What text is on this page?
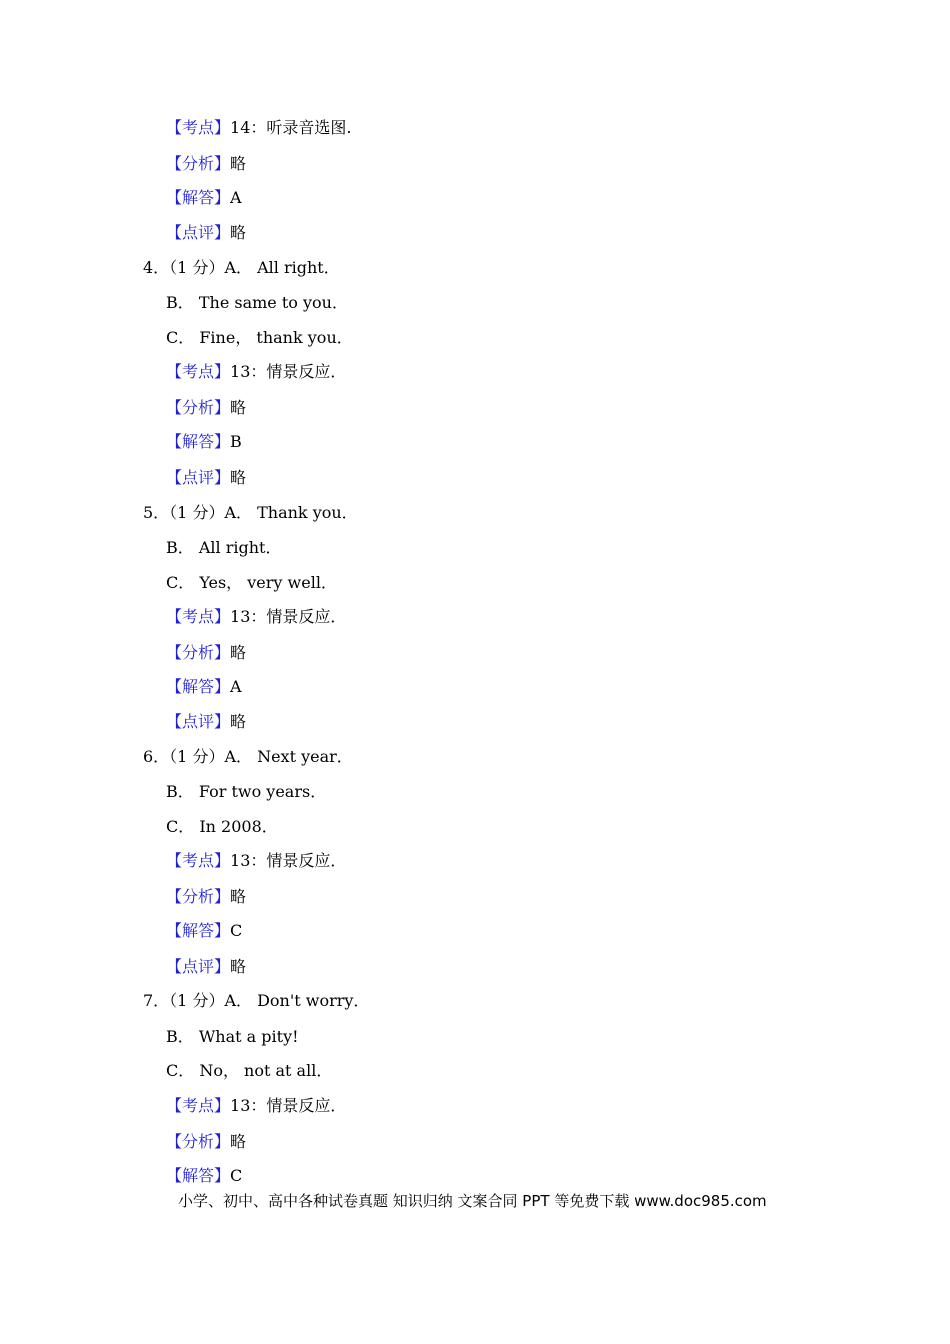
【考点】14：听录音选图.
【分析】略
【解答】A
【点评】略
4．（1 分）A． All right．
B． The same to you．
C． Fine， thank you．
【考点】13：情景反应．
【分析】略
【解答】B
【点评】略
5．（1 分）A． Thank you．
B． All right．
C． Yes， very well．
【考点】13：情景反应．
【分析】略
【解答】A
【点评】略
6．（1 分）A． Next year．
B． For two years．
C． In 2008．
【考点】13：情景反应．
【分析】略
【解答】C
【点评】略
7．（1 分）A． Don't worry．
B． What a pity!
C． No， not at all．
【考点】13：情景反应．
【分析】略
【解答】C
小学、初中、高中各种试卷真题 知识归纳 文案合同 PPT 等免费下载 www.doc985.com
